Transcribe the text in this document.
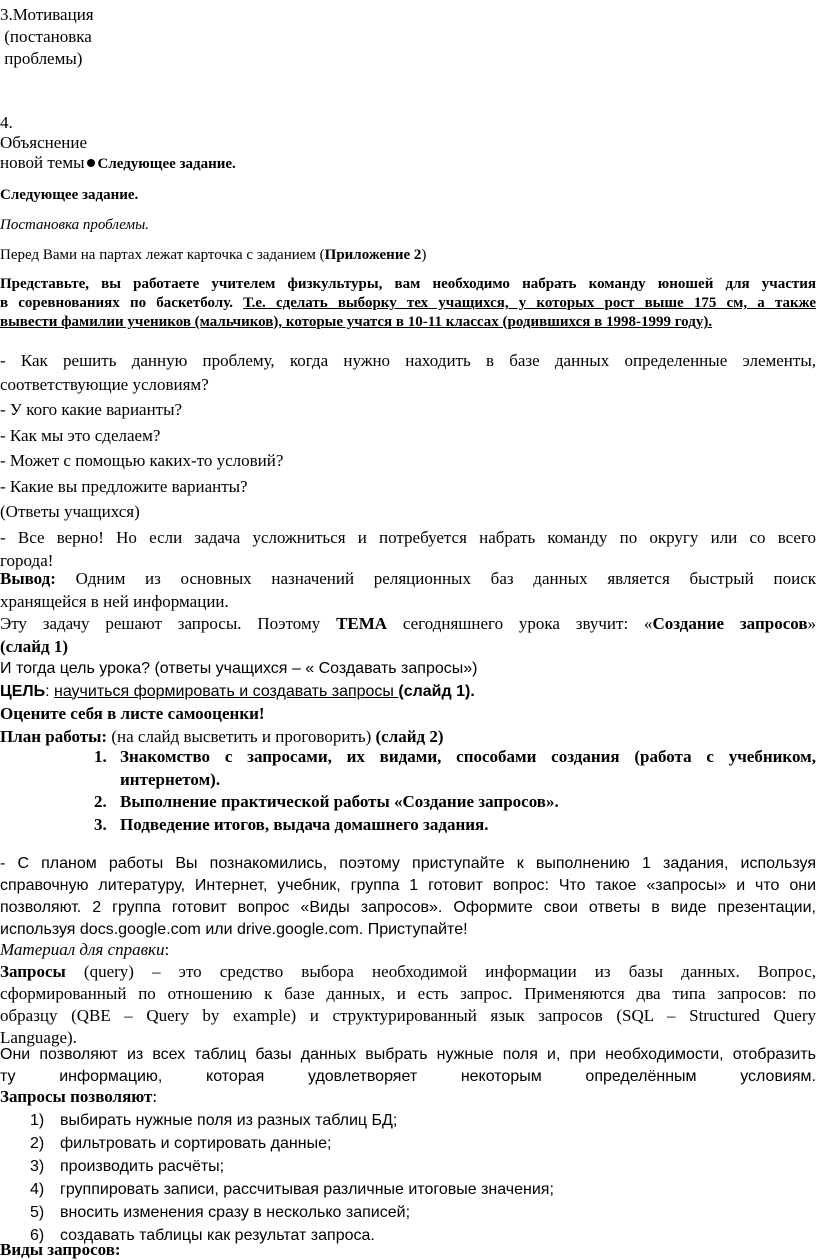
3.Мотивация
(постановка
проблемы)
4.
Объяснение
новой темы Следующее задание.
Следующее задание.
Постановка проблемы.
Перед Вами на партах лежат карточка с заданием (Приложение 2)
Представьте, вы работаете учителем физкультуры, вам необходимо набрать команду юношей для участия
в соревнованиях по баскетболу. Т.е. сделать выборку тех учащихся, у которых рост выше 175 см, а также
вывести фамилии учеников (мальчиков), которые учатся в 10-11 классах (родившихся в 1998-1999 году).
- Как решить данную проблему, когда нужно находить в базе данных определенные элементы,
соответствующие условиям?
- У кого какие варианты?
- Как мы это сделаем?
- Может с помощью каких-то условий?
- Какие вы предложите варианты?
(Ответы учащихся)
- Все верно! Но если задача усложниться и потребуется набрать команду по округу или со всего
города!
Вывод: Одним из основных назначений реляционных баз данных является быстрый поиск
хранящейся в ней информации.
Эту задачу решают запросы. Поэтому ТЕМА сегодняшнего урока звучит: «Создание запросов»
(слайд 1)
И тогда цель урока? (ответы учащихся – « Создавать запросы»)
ЦЕЛЬ: научиться формировать и создавать запросы (слайд 1).
Оцените себя в листе самооценки!
План работы: (на слайд высветить и проговорить) (слайд 2)
1. Знакомство с запросами, их видами, способами создания (работа с учебником,
интернетом).
2. Выполнение практической работы «Создание запросов».
3. Подведение итогов, выдача домашнего задания.
- С планом работы Вы познакомились, поэтому приступайте к выполнению 1 задания, используя
справочную литературу, Интернет, учебник, группа 1 готовит вопрос: Что такое «запросы» и что они
позволяют. 2 группа готовит вопрос «Виды запросов». Оформите свои ответы в виде презентации,
используя docs.google.com или drive.google.com. Приступайте!
Материал для справки:
Запросы (query) – это средство выбора необходимой информации из базы данных. Вопрос,
сформированный по отношению к базе данных, и есть запрос. Применяются два типа запросов: по
образцу (QBE – Query by example) и структурированный язык запросов (SQL – Structured Query
Language).
Они позволяют из всех таблиц базы данных выбрать нужные поля и, при необходимости, отобразить
ту информацию, которая удовлетворяет некоторым определённым условиям.
Запросы позволяют:
1) выбирать нужные поля из разных таблиц БД;
2) фильтровать и сортировать данные;
3) производить расчёты;
4) группировать записи, рассчитывая различные итоговые значения;
5) вносить изменения сразу в несколько записей;
6) создавать таблицы как результат запроса.
Виды запросов:
